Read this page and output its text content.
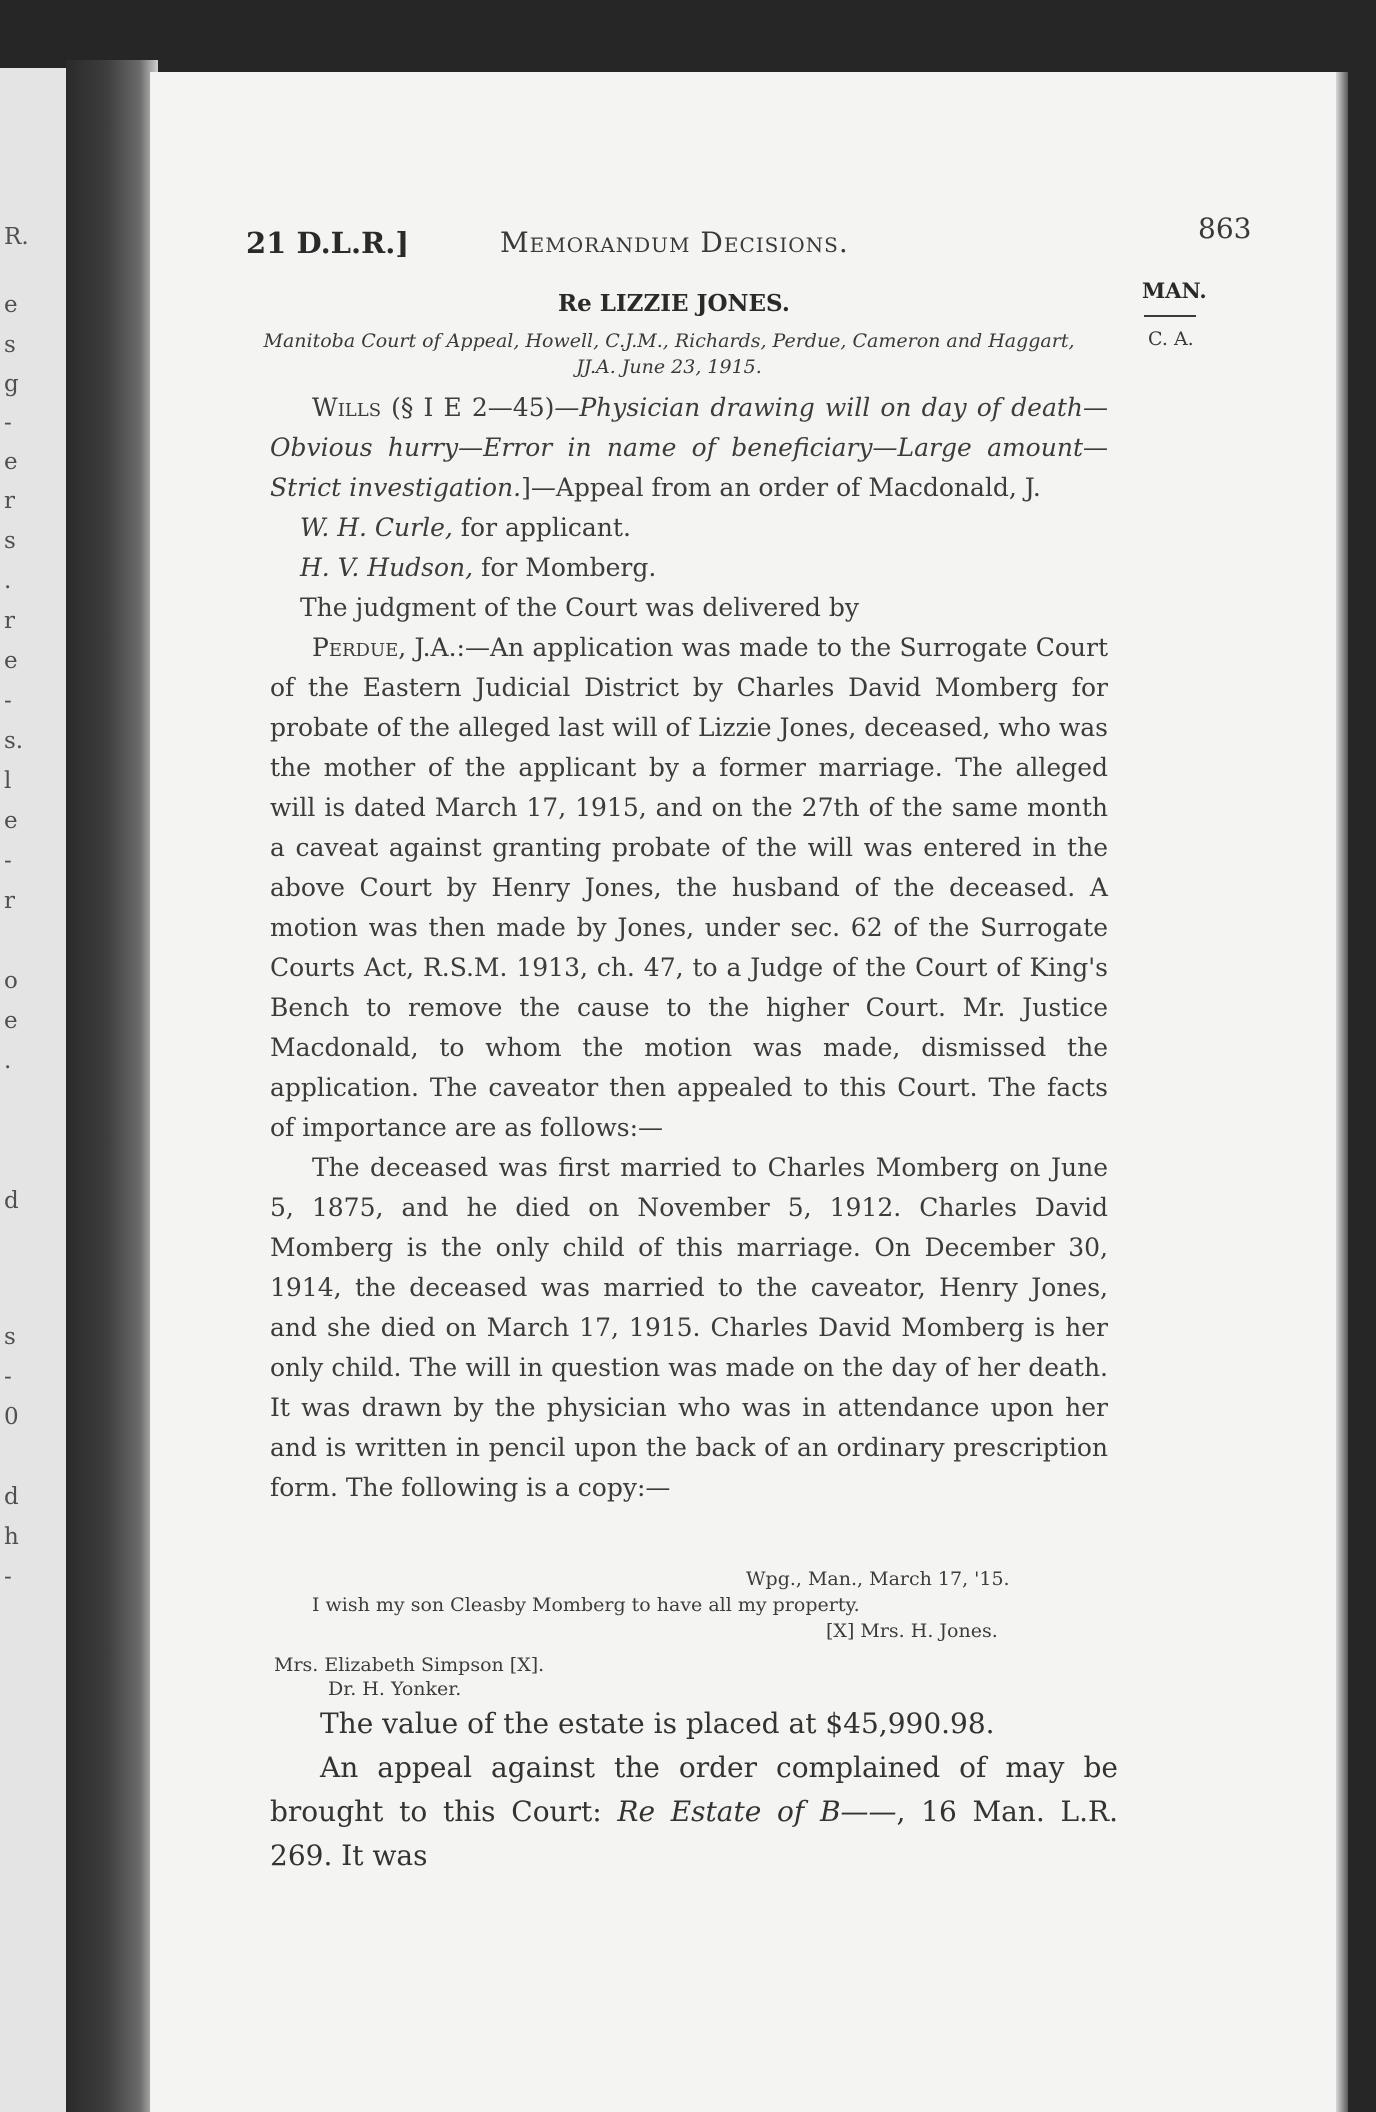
R.
e
s
g
-
e
r
s
.
r
e
-
s.
l
e
-
r
o
e
.
d
s
-
0
d
h
-
21 D.L.R.]	Memorandum Decisions.	863
MAN.
C. A.
Re LIZZIE JONES.
Manitoba Court of Appeal, Howell, C.J.M., Richards, Perdue, Cameron and Haggart, JJ.A. June 23, 1915.

Wills (§ I E 2—45)—Physician drawing will on day of death—Obvious hurry—Error in name of beneficiary—Large amount—Strict investigation.]—Appeal from an order of Macdonald, J.

W. H. Curle, for applicant.

H. V. Hudson, for Momberg.

The judgment of the Court was delivered by

Perdue, J.A.:—An application was made to the Surrogate Court of the Eastern Judicial District by Charles David Momberg for probate of the alleged last will of Lizzie Jones, deceased, who was the mother of the applicant by a former marriage. The alleged will is dated March 17, 1915, and on the 27th of the same month a caveat against granting probate of the will was entered in the above Court by Henry Jones, the husband of the deceased. A motion was then made by Jones, under sec. 62 of the Surrogate Courts Act, R.S.M. 1913, ch. 47, to a Judge of the Court of King's Bench to remove the cause to the higher Court. Mr. Justice Macdonald, to whom the motion was made, dismissed the application. The caveator then appealed to this Court. The facts of importance are as follows:—

The deceased was first married to Charles Momberg on June 5, 1875, and he died on November 5, 1912. Charles David Momberg is the only child of this marriage. On December 30, 1914, the deceased was married to the caveator, Henry Jones, and she died on March 17, 1915. Charles David Momberg is her only child. The will in question was made on the day of her death. It was drawn by the physician who was in attendance upon her and is written in pencil upon the back of an ordinary prescription form. The following is a copy:—

Wpg., Man., March 17, '15.
I wish my son Cleasby Momberg to have all my property.
[X] Mrs. H. Jones.
Mrs. Elizabeth Simpson [X].
Dr. H. Yonker.

The value of the estate is placed at $45,990.98.

An appeal against the order complained of may be brought to this Court: Re Estate of B——, 16 Man. L.R. 269. It was
